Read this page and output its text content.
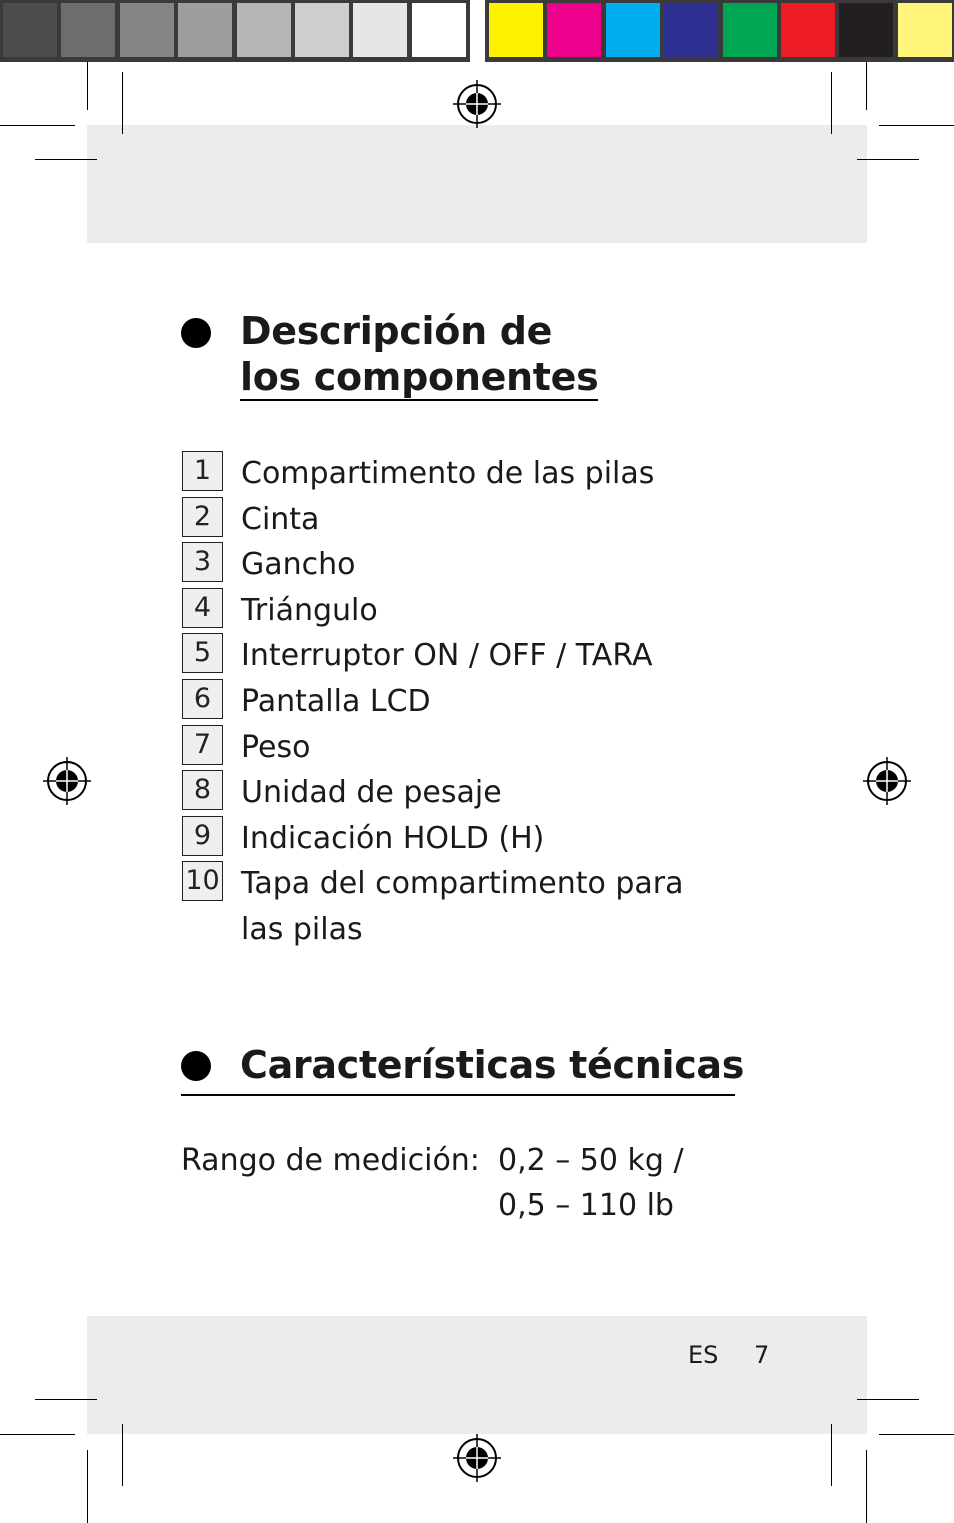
Descripción de
los componentes
1 Compartimento de las pilas
2 Cinta
3 Gancho
4 Triángulo
5 Interruptor ON / OFF / TARA
6 Pantalla LCD
7 Peso
8 Unidad de pesaje
9 Indicación HOLD (H)
10 Tapa del compartimento para las pilas
Características técnicas
Rango de medición: 0,2 – 50 kg /
0,5 – 110 lb
ES 7
